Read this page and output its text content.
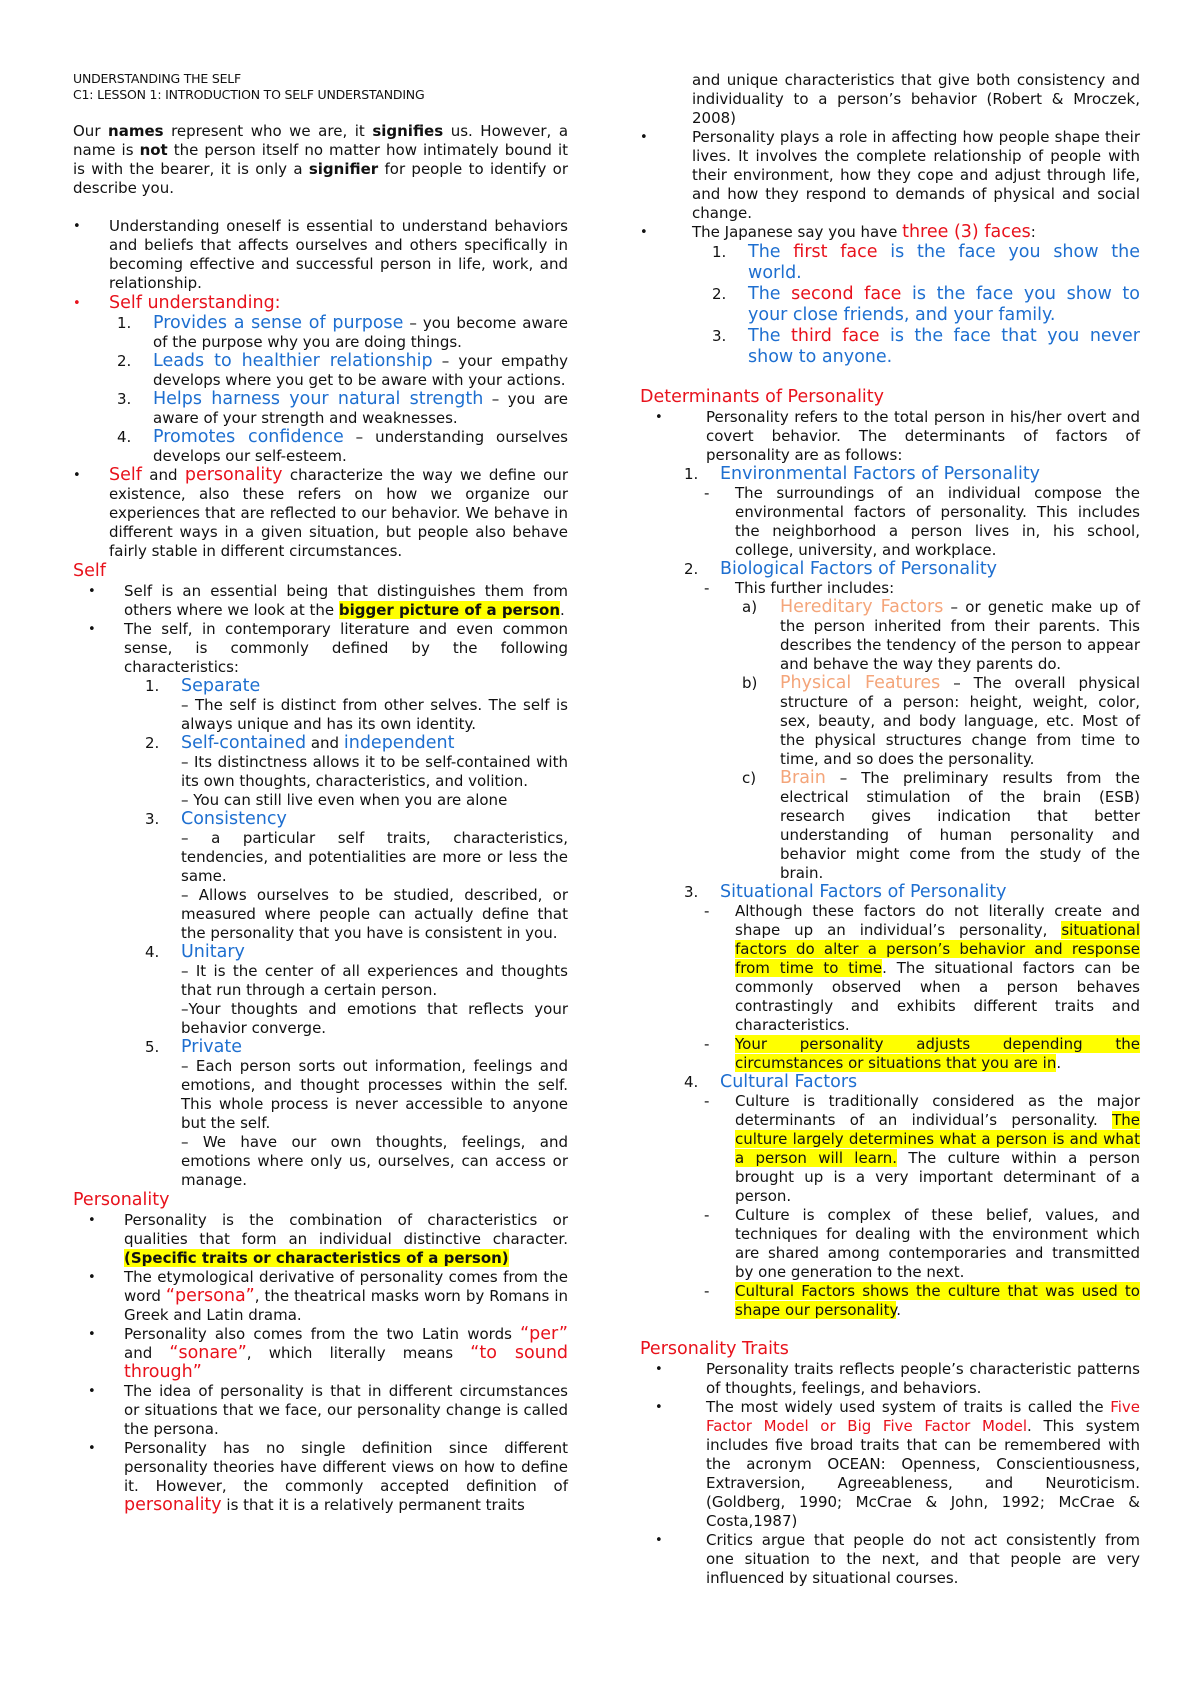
UNDERSTANDING THE SELF

C1: LESSON 1: INTRODUCTION TO SELF UNDERSTANDING

Our names represent who we are, it signifies us. However, a name is not the person itself no matter how intimately bound it is with the bearer, it is only a signifier for people to identify or describe you.

• Understanding oneself is essential to understand behaviors and beliefs that affects ourselves and others specifically in becoming effective and successful person in life, work, and relationship.

• Self understanding:

1. Provides a sense of purpose – you become aware of the purpose why you are doing things.

2. Leads to healthier relationship – your empathy develops where you get to be aware with your actions.

3. Helps harness your natural strength – you are aware of your strength and weaknesses.

4. Promotes confidence – understanding ourselves develops our self-esteem.

• Self and personality characterize the way we define our existence, also these refers on how we organize our experiences that are reflected to our behavior. We behave in different ways in a given situation, but people also behave fairly stable in different circumstances.

Self

• Self is an essential being that distinguishes them from others where we look at the bigger picture of a person.

• The self, in contemporary literature and even common sense, is commonly defined by the following characteristics:

1. Separate

– The self is distinct from other selves. The self is always unique and has its own identity.

2. Self-contained and independent

– Its distinctness allows it to be self-contained with its own thoughts, characteristics, and volition.

– You can still live even when you are alone

3. Consistency

– a particular self traits, characteristics, tendencies, and potentialities are more or less the same.

– Allows ourselves to be studied, described, or measured where people can actually define that the personality that you have is consistent in you.

4. Unitary

– It is the center of all experiences and thoughts that run through a certain person.

–Your thoughts and emotions that reflects your behavior converge.

5. Private

– Each person sorts out information, feelings and emotions, and thought processes within the self. This whole process is never accessible to anyone but the self.

– We have our own thoughts, feelings, and emotions where only us, ourselves, can access or manage.

Personality

• Personality is the combination of characteristics or qualities that form an individual distinctive character. (Specific traits or characteristics of a person)

• The etymological derivative of personality comes from the word “persona”, the theatrical masks worn by Romans in Greek and Latin drama.

• Personality also comes from the two Latin words “per” and “sonare”, which literally means “to sound through”

• The idea of personality is that in different circumstances or situations that we face, our personality change is called the persona.

• Personality has no single definition since different personality theories have different views on how to define it. However, the commonly accepted definition of personality is that it is a relatively permanent traits

and unique characteristics that give both consistency and individuality to a person’s behavior (Robert & Mroczek, 2008)

• Personality plays a role in affecting how people shape their lives. It involves the complete relationship of people with their environment, how they cope and adjust through life, and how they respond to demands of physical and social change.

• The Japanese say you have three (3) faces:

1. The first face is the face you show the world.

2. The second face is the face you show to your close friends, and your family.

3. The third face is the face that you never show to anyone.

Determinants of Personality

• Personality refers to the total person in his/her overt and covert behavior. The determinants of factors of personality are as follows:

1. Environmental Factors of Personality

- The surroundings of an individual compose the environmental factors of personality. This includes the neighborhood a person lives in, his school, college, university, and workplace.

2. Biological Factors of Personality

- This further includes:

a) Hereditary Factors – or genetic make up of the person inherited from their parents. This describes the tendency of the person to appear and behave the way they parents do.

b) Physical Features – The overall physical structure of a person: height, weight, color, sex, beauty, and body language, etc. Most of the physical structures change from time to time, and so does the personality.

c) Brain – The preliminary results from the electrical stimulation of the brain (ESB) research gives indication that better understanding of human personality and behavior might come from the study of the brain.

3. Situational Factors of Personality

- Although these factors do not literally create and shape up an individual’s personality, situational factors do alter a person’s behavior and response from time to time. The situational factors can be commonly observed when a person behaves contrastingly and exhibits different traits and characteristics.

- Your personality adjusts depending the circumstances or situations that you are in.

4. Cultural Factors

- Culture is traditionally considered as the major determinants of an individual’s personality. The culture largely determines what a person is and what a person will learn. The culture within a person brought up is a very important determinant of a person.

- Culture is complex of these belief, values, and techniques for dealing with the environment which are shared among contemporaries and transmitted by one generation to the next.

- Cultural Factors shows the culture that was used to shape our personality.

Personality Traits

• Personality traits reflects people’s characteristic patterns of thoughts, feelings, and behaviors.

• The most widely used system of traits is called the Five Factor Model or Big Five Factor Model. This system includes five broad traits that can be remembered with the acronym OCEAN: Openness, Conscientiousness, Extraversion, Agreeableness, and Neuroticism. (Goldberg, 1990; McCrae & John, 1992; McCrae & Costa,1987)

• Critics argue that people do not act consistently from one situation to the next, and that people are very influenced by situational courses.
